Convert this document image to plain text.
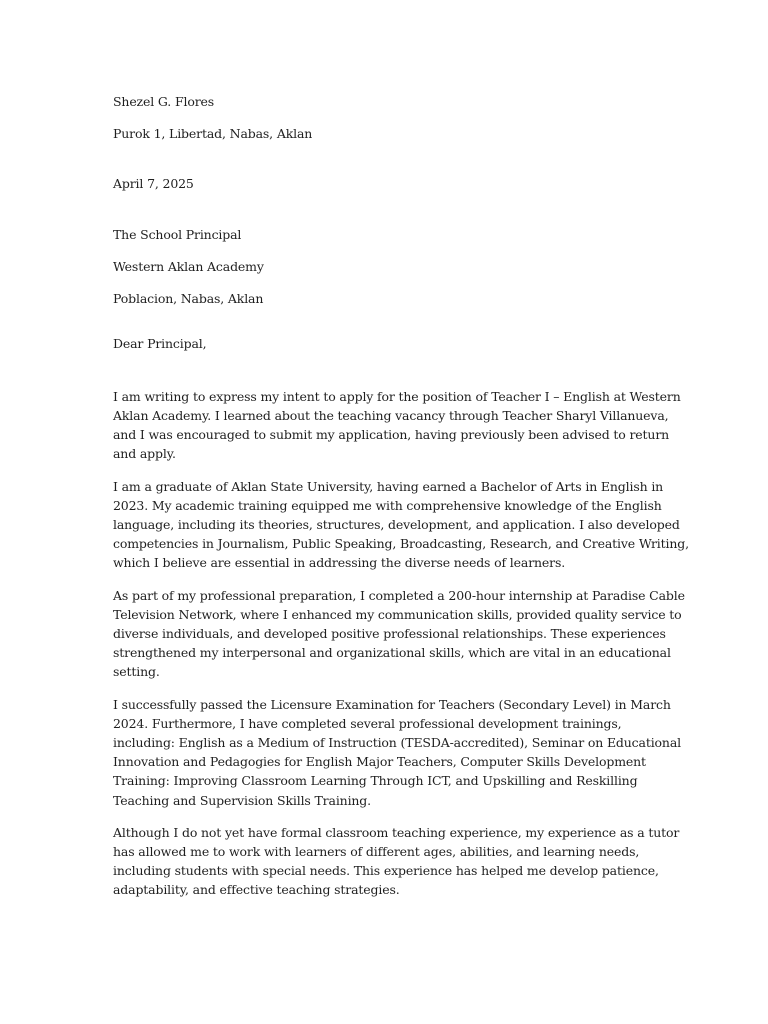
Shezel G. Flores

Purok 1, Libertad, Nabas, Aklan

April 7, 2025

The School Principal

Western Aklan Academy

Poblacion, Nabas, Aklan

Dear Principal,

I am writing to express my intent to apply for the position of Teacher I – English at Western
Aklan Academy. I learned about the teaching vacancy through Teacher Sharyl Villanueva,
and I was encouraged to submit my application, having previously been advised to return
and apply.

I am a graduate of Aklan State University, having earned a Bachelor of Arts in English in
2023. My academic training equipped me with comprehensive knowledge of the English
language, including its theories, structures, development, and application. I also developed
competencies in Journalism, Public Speaking, Broadcasting, Research, and Creative Writing,
which I believe are essential in addressing the diverse needs of learners.

As part of my professional preparation, I completed a 200-hour internship at Paradise Cable
Television Network, where I enhanced my communication skills, provided quality service to
diverse individuals, and developed positive professional relationships. These experiences
strengthened my interpersonal and organizational skills, which are vital in an educational
setting.

I successfully passed the Licensure Examination for Teachers (Secondary Level) in March
2024. Furthermore, I have completed several professional development trainings,
including: English as a Medium of Instruction (TESDA-accredited), Seminar on Educational
Innovation and Pedagogies for English Major Teachers, Computer Skills Development
Training: Improving Classroom Learning Through ICT, and Upskilling and Reskilling
Teaching and Supervision Skills Training.

Although I do not yet have formal classroom teaching experience, my experience as a tutor
has allowed me to work with learners of different ages, abilities, and learning needs,
including students with special needs. This experience has helped me develop patience,
adaptability, and effective teaching strategies.
